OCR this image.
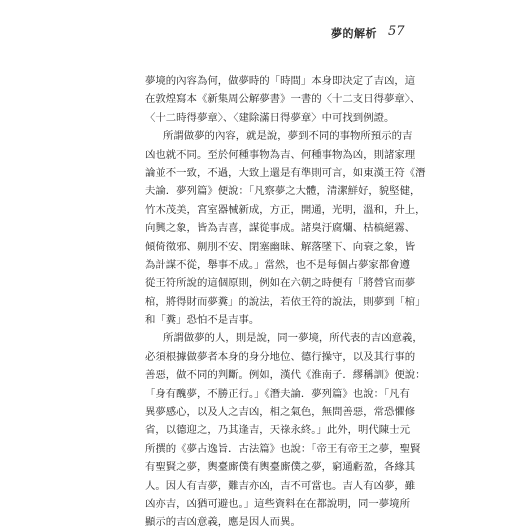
夢的解析 57
夢境的內容為何，做夢時的「時間」本身即決定了吉凶，這
在敦煌寫本《新集周公解夢書》一書的〈十二支日得夢章〉、
〈十二時得夢章〉、〈建除滿日得夢章〉中可找到例證。
所謂做夢的內容，就是說，夢到不同的事物所預示的吉
凶也就不同。至於何種事物為吉、何種事物為凶，則諸家理
論並不一致，不過，大致上還是有準則可言，如東漢王符《潛
夫論．夢列篇》便說：「凡察夢之大體，清潔鮮好，貌堅健，
竹木茂美，宮室器械新成，方正，開通，光明，溫和，升上，
向興之象，皆為吉喜，謀從事成。諸臭汙腐爛、枯槁絕霧、
傾倚徵邪、劓刖不安、閉塞幽昧、解落墜下、向衰之象，皆
為計謀不從，舉事不成。」當然，也不是每個占夢家都會遵
從王符所說的這個原則，例如在六朝之時便有「將營官而夢
棺，將得財而夢糞」的說法，若依王符的說法，則夢到「棺」
和「糞」恐怕不是吉事。
所謂做夢的人，則是說，同一夢境，所代表的吉凶意義，
必須根據做夢者本身的身分地位、德行操守，以及其行事的
善惡，做不同的判斷。例如，漢代《淮南子．繆稱訓》便說：
「身有醜夢，不勝正行。」《潛夫論．夢列篇》也說：「凡有
異夢感心，以及人之吉凶，相之氣色，無問善惡，常恐懼修
省，以德迎之，乃其逢吉，天祿永終。」此外，明代陳士元
所撰的《夢占逸旨．古法篇》也說：「帝王有帝王之夢，聖賢
有聖賢之夢，輿臺廝僕有輿臺廝僕之夢，窮通虧盈，各緣其
人。因人有吉夢，難吉亦凶，吉不可當也。吉人有凶夢，雖
凶亦吉，凶猶可避也。」這些資料在在都說明，同一夢境所
顯示的吉凶意義，應是因人而異。
